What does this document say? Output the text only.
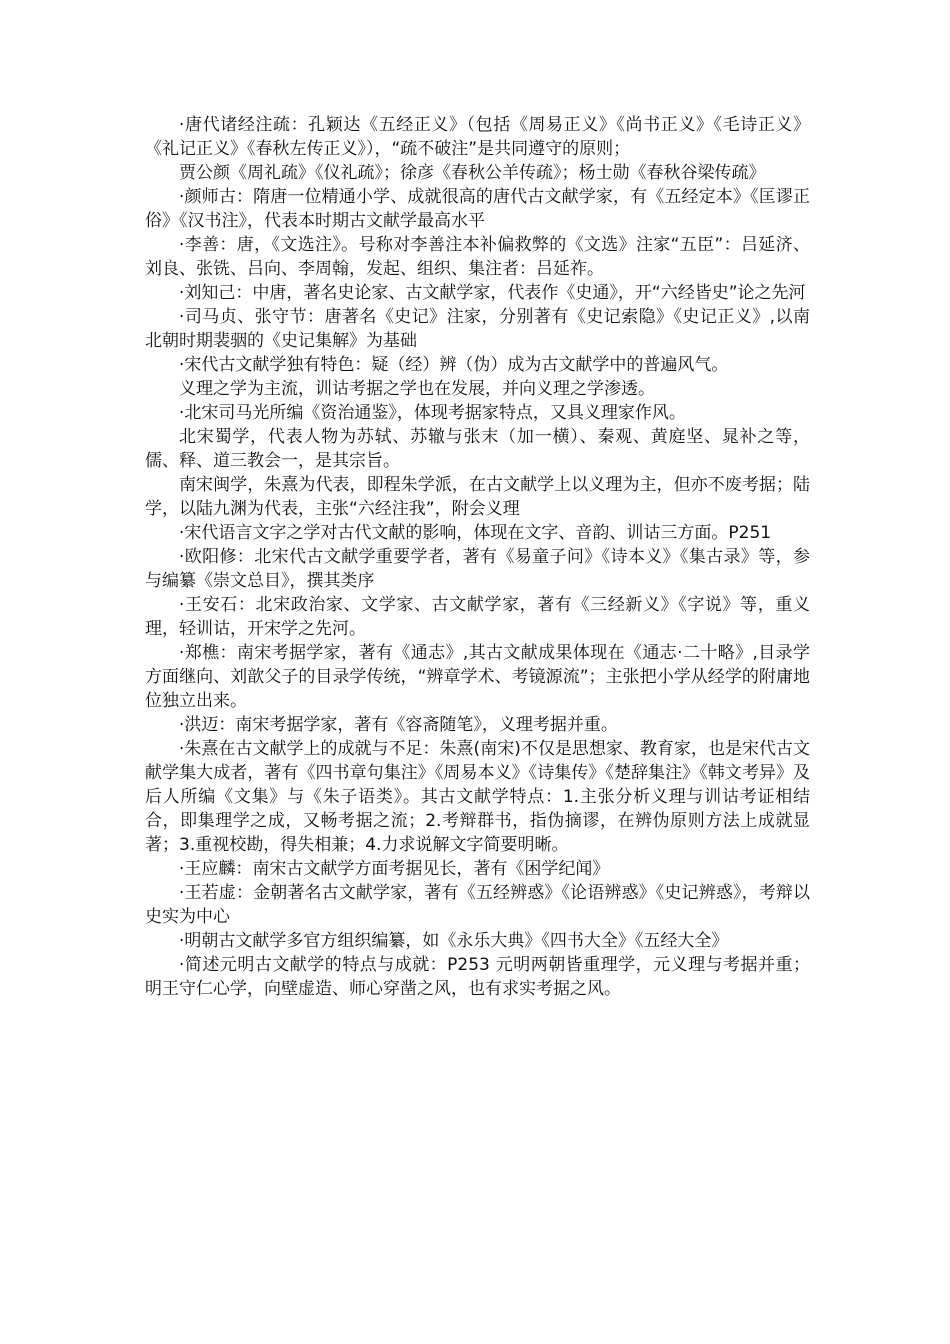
·唐代诸经注疏：孔颖达《五经正义》（包括《周易正义》《尚书正义》《毛诗正义》《礼记正义》《春秋左传正义》），“疏不破注”是共同遵守的原则；

贾公颜《周礼疏》《仪礼疏》；徐彦《春秋公羊传疏》；杨士勋《春秋谷梁传疏》

·颜师古：隋唐一位精通小学、成就很高的唐代古文献学家，有《五经定本》《匡谬正俗》《汉书注》，代表本时期古文献学最高水平

·李善：唐，《文选注》。号称对李善注本补偏救弊的《文选》注家“五臣”：吕延济、刘良、张铣、吕向、李周翰，发起、组织、集注者：吕延祚。

·刘知己：中唐，著名史论家、古文献学家，代表作《史通》，开“六经皆史”论之先河

·司马贞、张守节：唐著名《史记》注家，分别著有《史记索隐》《史记正义》,以南北朝时期裴骃的《史记集解》为基础

·宋代古文献学独有特色：疑（经）辨（伪）成为古文献学中的普遍风气。

义理之学为主流，训诂考据之学也在发展，并向义理之学渗透。

·北宋司马光所编《资治通鉴》，体现考据家特点，又具义理家作风。

北宋蜀学，代表人物为苏轼、苏辙与张末（加一横）、秦观、黄庭坚、晁补之等，儒、释、道三教会一，是其宗旨。

南宋闽学，朱熹为代表，即程朱学派，在古文献学上以义理为主，但亦不废考据；陆学，以陆九渊为代表，主张“六经注我”，附会义理

·宋代语言文字之学对古代文献的影响，体现在文字、音韵、训诂三方面。P251

·欧阳修：北宋代古文献学重要学者，著有《易童子问》《诗本义》《集古录》等，参与编纂《崇文总目》，撰其类序

·王安石：北宋政治家、文学家、古文献学家，著有《三经新义》《字说》等，重义理，轻训诂，开宋学之先河。

·郑樵：南宋考据学家，著有《通志》,其古文献成果体现在《通志·二十略》,目录学方面继向、刘歆父子的目录学传统，“辨章学术、考镜源流”；主张把小学从经学的附庸地位独立出来。

·洪迈：南宋考据学家，著有《容斋随笔》，义理考据并重。

·朱熹在古文献学上的成就与不足：朱熹(南宋)不仅是思想家、教育家，也是宋代古文献学集大成者，著有《四书章句集注》《周易本义》《诗集传》《楚辞集注》《韩文考异》及后人所编《文集》与《朱子语类》。其古文献学特点：1.主张分析义理与训诂考证相结合，即集理学之成，又畅考据之流；2.考辩群书，指伪摘谬，在辨伪原则方法上成就显著；3.重视校勘，得失相兼；4.力求说解文字简要明晰。

·王应麟：南宋古文献学方面考据见长，著有《困学纪闻》

·王若虚：金朝著名古文献学家，著有《五经辨惑》《论语辨惑》《史记辨惑》，考辩以史实为中心

·明朝古文献学多官方组织编纂，如《永乐大典》《四书大全》《五经大全》

·简述元明古文献学的特点与成就：P253 元明两朝皆重理学，元义理与考据并重；明王守仁心学，向壁虚造、师心穿凿之风，也有求实考据之风。
